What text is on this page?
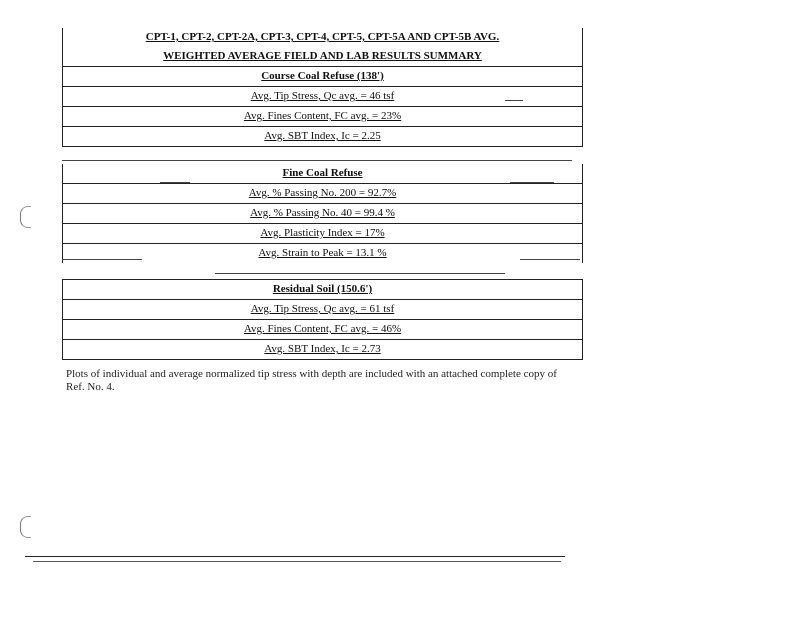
CPT-1, CPT-2, CPT-2A, CPT-3, CPT-4, CPT-5, CPT-5A AND CPT-5B AVG.
WEIGHTED AVERAGE FIELD AND LAB RESULTS SUMMARY
Course Coal Refuse (138')
Avg. Tip Stress, Qc avg. = 46 tsf
Avg. Fines Content, FC avg. = 23%
Avg. SBT Index, Ic = 2.25
Fine Coal Refuse
Avg. % Passing No. 200 = 92.7%
Avg. % Passing No. 40 = 99.4 %
Avg. Plasticity Index = 17%
Avg. Strain to Peak = 13.1 %
Residual Soil (150.6')
Avg. Tip Stress, Qc avg. = 61 tsf
Avg. Fines Content, FC avg. = 46%
Avg. SBT Index, Ic = 2.73
Plots of individual and average normalized tip stress with depth are included with an attached complete copy of Ref. No. 4.
